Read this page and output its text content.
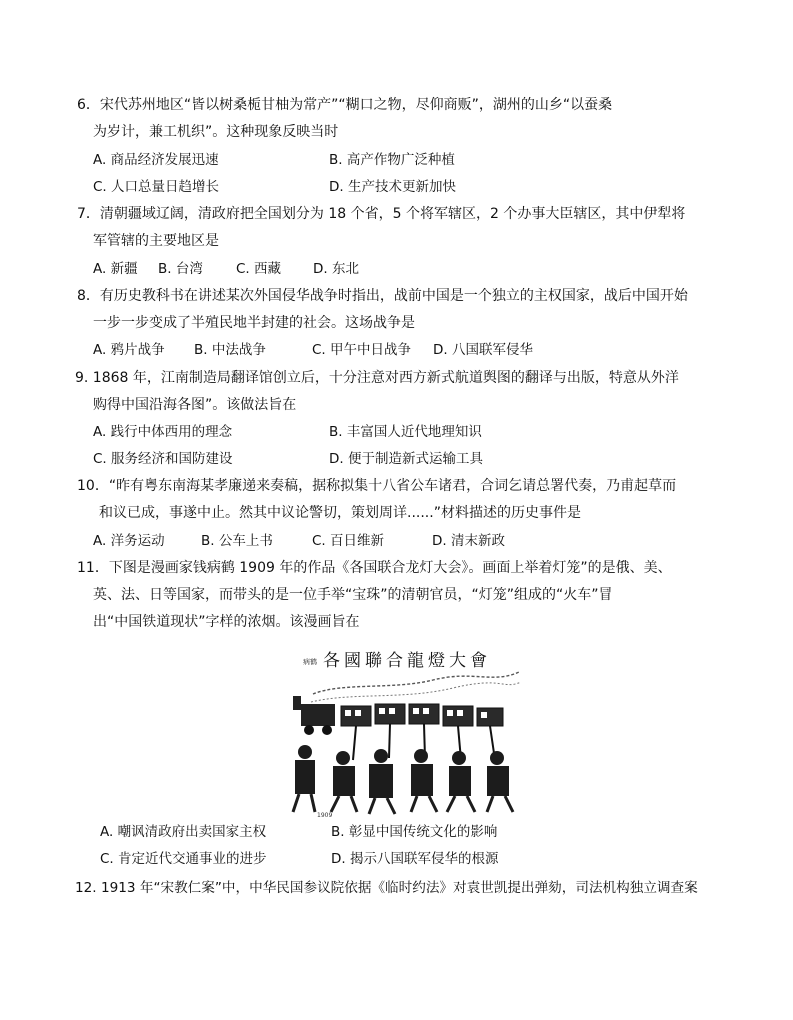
6．宋代苏州地区“皆以树桑栀甘柚为常产”“糊口之物，尽仰商贩”，湖州的山乡“以蚕桑
为岁计，兼工机织”。这种现象反映当时
A. 商品经济发展迅速	B. 高产作物广泛种植
C. 人口总量日趋增长	D. 生产技术更新加快
7．清朝疆域辽阔，清政府把全国划分为 18 个省，5 个将军辖区，2 个办事大臣辖区，其中伊犁将
军管辖的主要地区是
A. 新疆 B. 台湾 C. 西藏 D. 东北
8．有历史教科书在讲述某次外国侵华战争时指出，战前中国是一个独立的主权国家，战后中国开始
一步一步变成了半殖民地半封建的社会。这场战争是
A. 鸦片战争 B. 中法战争	C. 甲午中日战争 D. 八国联军侵华
9. 1868 年，江南制造局翻译馆创立后，十分注意对西方新式航道舆图的翻译与出版，特意从外洋
购得中国沿海各图”。该做法旨在
A. 践行中体西用的理念	B. 丰富国人近代地理知识
C. 服务经济和国防建设	D. 便于制造新式运输工具
10．“昨有粤东南海某孝廉递来奏稿，据称拟集十八省公车诸君，合词乞请总署代奏，乃甫起草而
和议已成，事遂中止。然其中议论警切，策划周详......”材料描述的历史事件是
A. 洋务运动	B. 公车上书	C. 百日维新	D. 清末新政
11．下图是漫画家钱病鹤 1909 年的作品《各国联合龙灯大会》。画面上举着灯笼”的是俄、美、
英、法、日等国家，而带头的是一位手举“宝珠”的清朝官员，“灯笼”组成的“火车”冒
出“中国铁道现状”字样的浓烟。该漫画旨在
病鹤 各國聯合龍燈大會
1909
A. 嘲讽清政府出卖国家主权	B. 彰显中国传统文化的影响
C. 肯定近代交通事业的进步	D. 揭示八国联军侵华的根源
12. 1913 年“宋教仁案”中，中华民国参议院依据《临时约法》对袁世凯提出弹劾，司法机构独立调查案
